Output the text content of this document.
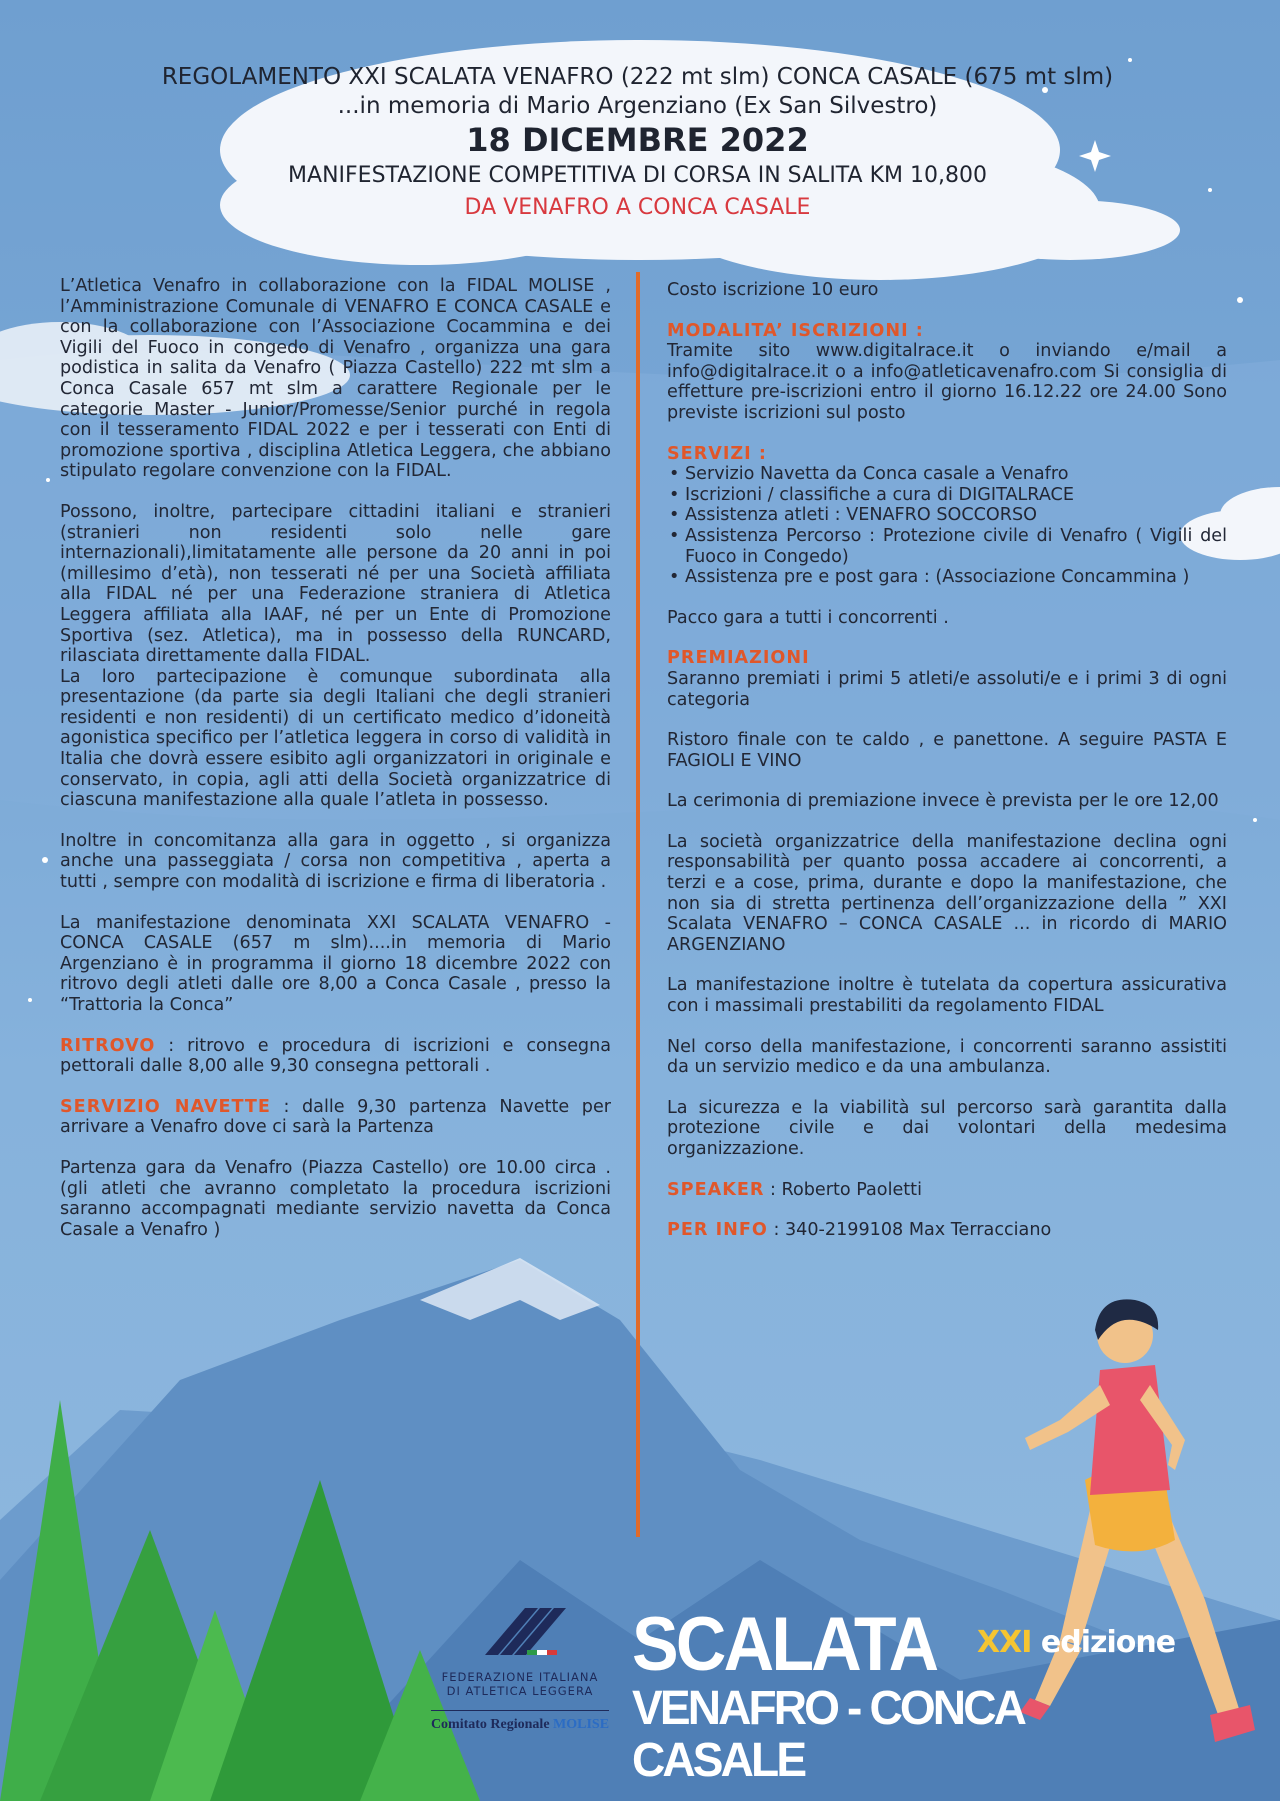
REGOLAMENTO XXI SCALATA VENAFRO (222 mt slm) CONCA CASALE (675 mt slm)
...in memoria di Mario Argenziano (Ex San Silvestro)
18 DICEMBRE 2022
MANIFESTAZIONE COMPETITIVA DI CORSA IN SALITA KM 10,800
DA VENAFRO A CONCA CASALE

L’Atletica Venafro in collaborazione con la FIDAL MOLISE , l’Amministrazione Comunale di VENAFRO E CONCA CASALE e con la collaborazione con l’Associazione Cocammina e dei Vigili del Fuoco in congedo di Venafro , organizza una gara podistica in salita da Venafro ( Piazza Castello) 222 mt slm a Conca Casale 657 mt slm a carattere Regionale per le categorie Master - Junior/Promesse/Senior purché in regola con il tesseramento FIDAL 2022 e per i tesserati con Enti di promozione sportiva , disciplina Atletica Leggera, che abbiano stipulato regolare convenzione con la FIDAL.

Possono, inoltre, partecipare cittadini italiani e stranieri (stranieri non residenti solo nelle gare internazionali),limitatamente alle persone da 20 anni in poi (millesimo d’età), non tesserati né per una Società affiliata alla FIDAL né per una Federazione straniera di Atletica Leggera affiliata alla IAAF, né per un Ente di Promozione Sportiva (sez. Atletica), ma in possesso della RUNCARD, rilasciata direttamente dalla FIDAL.

La loro partecipazione è comunque subordinata alla presentazione (da parte sia degli Italiani che degli stranieri residenti e non residenti) di un certificato medico d’idoneità agonistica specifico per l’atletica leggera in corso di validità in Italia che dovrà essere esibito agli organizzatori in originale e conservato, in copia, agli atti della Società organizzatrice di ciascuna manifestazione alla quale l’atleta in possesso.

Inoltre in concomitanza alla gara in oggetto , si organizza anche una passeggiata / corsa non competitiva , aperta a tutti , sempre con modalità di iscrizione e firma di liberatoria .

La manifestazione denominata XXI SCALATA VENAFRO - CONCA CASALE (657 m slm)....in memoria di Mario Argenziano è in programma il giorno 18 dicembre 2022 con ritrovo degli atleti dalle ore 8,00 a Conca Casale , presso la “Trattoria la Conca”

RITROVO : ritrovo e procedura di iscrizioni e consegna pettorali dalle 8,00 alle 9,30 consegna pettorali .

SERVIZIO NAVETTE : dalle 9,30 partenza Navette per arrivare a Venafro dove ci sarà la Partenza

Partenza gara da Venafro (Piazza Castello) ore 10.00 circa . (gli atleti che avranno completato la procedura iscrizioni saranno accompagnati mediante servizio navetta da Conca Casale a Venafro )

Costo iscrizione 10 euro

MODALITA’ ISCRIZIONI :
Tramite sito www.digitalrace.it o inviando e/mail a info@digitalrace.it o a info@atleticavenafro.com Si consiglia di effetture pre-iscrizioni entro il giorno 16.12.22 ore 24.00 Sono previste iscrizioni sul posto

SERVIZI :
• Servizio Navetta da Conca casale a Venafro
• Iscrizioni / classifiche a cura di DIGITALRACE
• Assistenza atleti : VENAFRO SOCCORSO
• Assistenza Percorso : Protezione civile di Venafro ( Vigili del Fuoco in Congedo)
• Assistenza pre e post gara : (Associazione Concammina )

Pacco gara a tutti i concorrenti .

PREMIAZIONI
Saranno premiati i primi 5 atleti/e assoluti/e e i primi 3 di ogni categoria

Ristoro finale con te caldo , e panettone. A seguire PASTA E FAGIOLI E VINO

La cerimonia di premiazione invece è prevista per le ore 12,00

La società organizzatrice della manifestazione declina ogni responsabilità per quanto possa accadere ai concorrenti, a terzi e a cose, prima, durante e dopo la manifestazione, che non sia di stretta pertinenza dell’organizzazione della ” XXI Scalata VENAFRO – CONCA CASALE ... in ricordo di MARIO ARGENZIANO

La manifestazione inoltre è tutelata da copertura assicurativa con i massimali prestabiliti da regolamento FIDAL

Nel corso della manifestazione, i concorrenti saranno assistiti da un servizio medico e da una ambulanza.

La sicurezza e la viabilità sul percorso sarà garantita dalla protezione civile e dai volontari della medesima organizzazione.

SPEAKER : Roberto Paoletti

PER INFO : 340-2199108 Max Terracciano

FEDERAZIONE ITALIANA
DI ATLETICA LEGGERA
Comitato Regionale MOLISE
SCALATA XXI edizione
VENAFRO - CONCA CASALE
